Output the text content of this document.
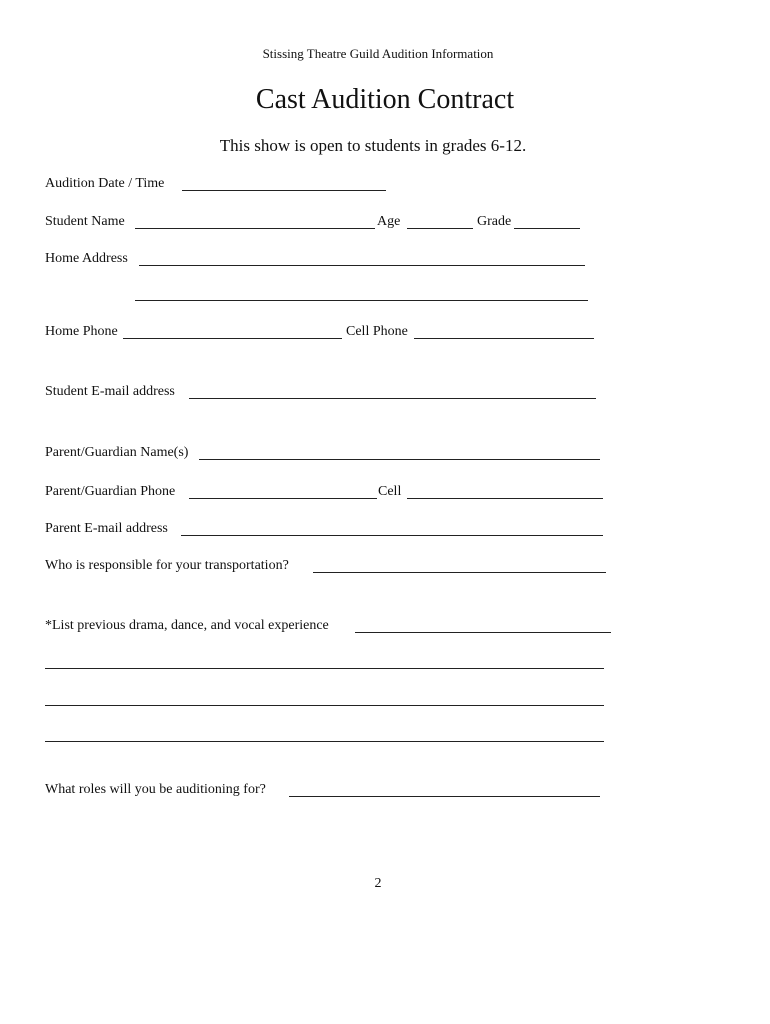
Stissing Theatre Guild Audition Information
Cast Audition Contract
This show is open to students in grades 6-12.
Audition Date / Time
Student Name	Age	Grade
Home Address
Home Phone	Cell Phone
Student E-mail address
Parent/Guardian Name(s)
Parent/Guardian Phone	Cell
Parent E-mail address
Who is responsible for your transportation?
*List previous drama, dance, and vocal experience
What roles will you be auditioning for?
2
